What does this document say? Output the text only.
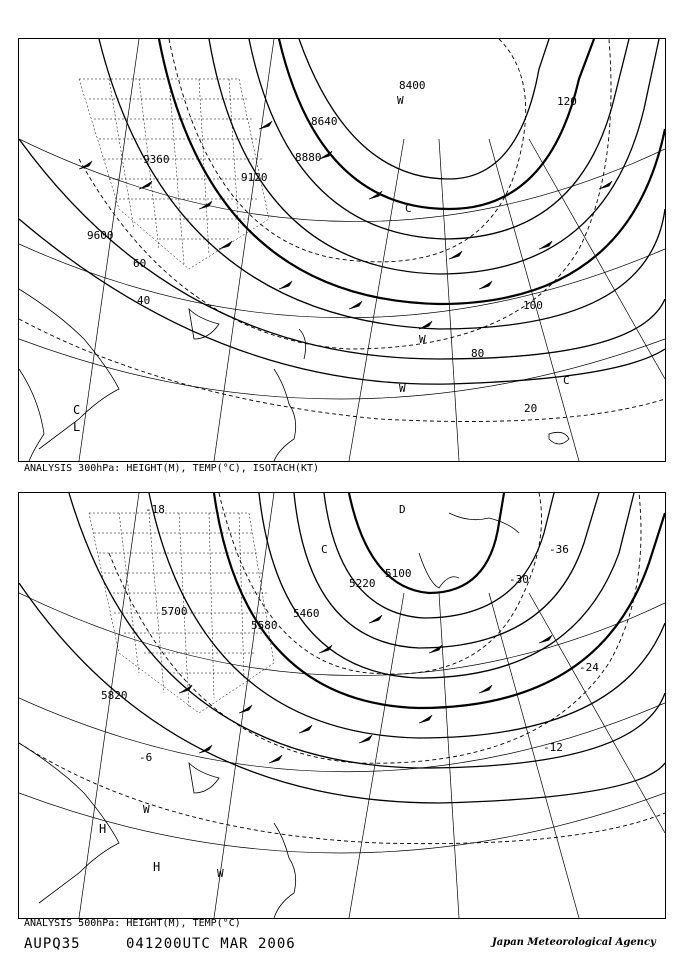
8400
8640
8880
9120
9360
9600
20
40
60
80
100
120
C
L
W
C
C
W
W
ANALYSIS 300hPa: HEIGHT(M), TEMP(°C), ISOTACH(KT)
5100
5220
5460
5580
5700
5820
-18
-24
-30
-36
-12
-6
C
D
H
H
W
W
ANALYSIS 500hPa: HEIGHT(M), TEMP(°C)
AUPQ35	041200UTC MAR 2006	Japan Meteorological Agency
